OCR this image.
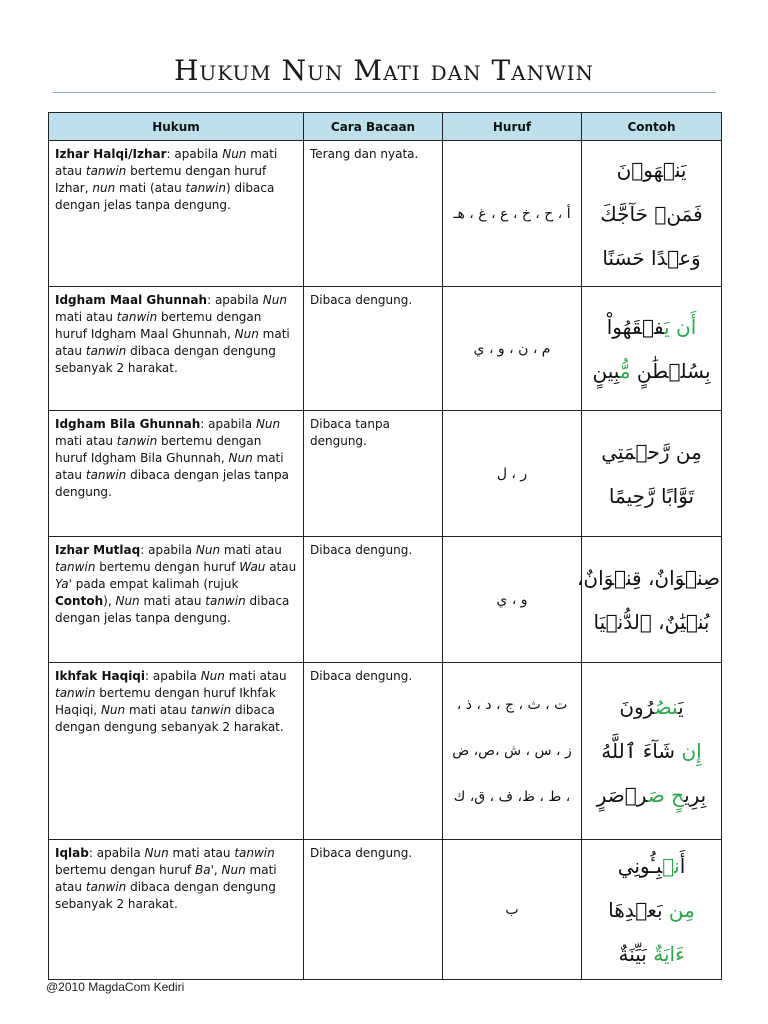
Hukum Nun Mati dan Tanwin
Hukum	Cara Bacaan	Huruf	Contoh
Izhar Halqi/Izhar: apabila Nun mati atau tanwin bertemu dengan huruf Izhar, nun mati (atau tanwin) dibaca dengan jelas tanpa dengung.	Terang dan nyata.	أ ، ح ، خ ، ع ، غ ، هـ	يَنۡهَوۡنَ
فَمَنۡ حَآجَّكَ
وَعۡدًا حَسَنًا

Idgham Maal Ghunnah: apabila Nun mati atau tanwin bertemu dengan huruf Idgham Maal Ghunnah, Nun mati atau tanwin dibaca dengan dengung sebanyak 2 harakat.	Dibaca dengung.	م ، ن ، و ، ي	أَن يَفۡقَهُواْ
بِسُلۡطَٰنٍ مُّبِينٍ

Idgham Bila Ghunnah: apabila Nun mati atau tanwin bertemu dengan huruf Idgham Bila Ghunnah, Nun mati atau tanwin dibaca dengan jelas tanpa dengung.	Dibaca tanpa dengung.	ر ، ل	مِن رَّحۡمَتِي
تَوَّابًا رَّحِيمًا

Izhar Mutlaq: apabila Nun mati atau tanwin bertemu dengan huruf Wau atau Ya' pada empat kalimah (rujuk Contoh), Nun mati atau tanwin dibaca dengan jelas tanpa dengung.	Dibaca dengung.	و ، ي	صِنۡوَانٌ، قِنۡوَانٌ،
بُنۡيَٰنٌ، ٱلدُّنۡيَا

Ikhfak Haqiqi: apabila Nun mati atau tanwin bertemu dengan huruf Ikhfak Haqiqi, Nun mati atau tanwin dibaca dengan dengung sebanyak 2 harakat.	Dibaca dengung.	ت ، ث ، ج ، د ، ذ ، ز ، س ، ش ،ص، ض ، ط ، ظ، ف ، ق، ك	يَنصُرُونَ
إِن شَآءَ ٱللَّهُ
بِرِيحٍ صَرۡصَرٍ

Iqlab: apabila Nun mati atau tanwin bertemu dengan huruf Ba', Nun mati atau tanwin dibaca dengan dengung sebanyak 2 harakat.	Dibaca dengung.	ب	أَنۢبِـُٔونِي
مِن بَعۡدِهَا
ءَايَةٌ بَيِّنَةٌ
@2010 MagdaCom Kediri
